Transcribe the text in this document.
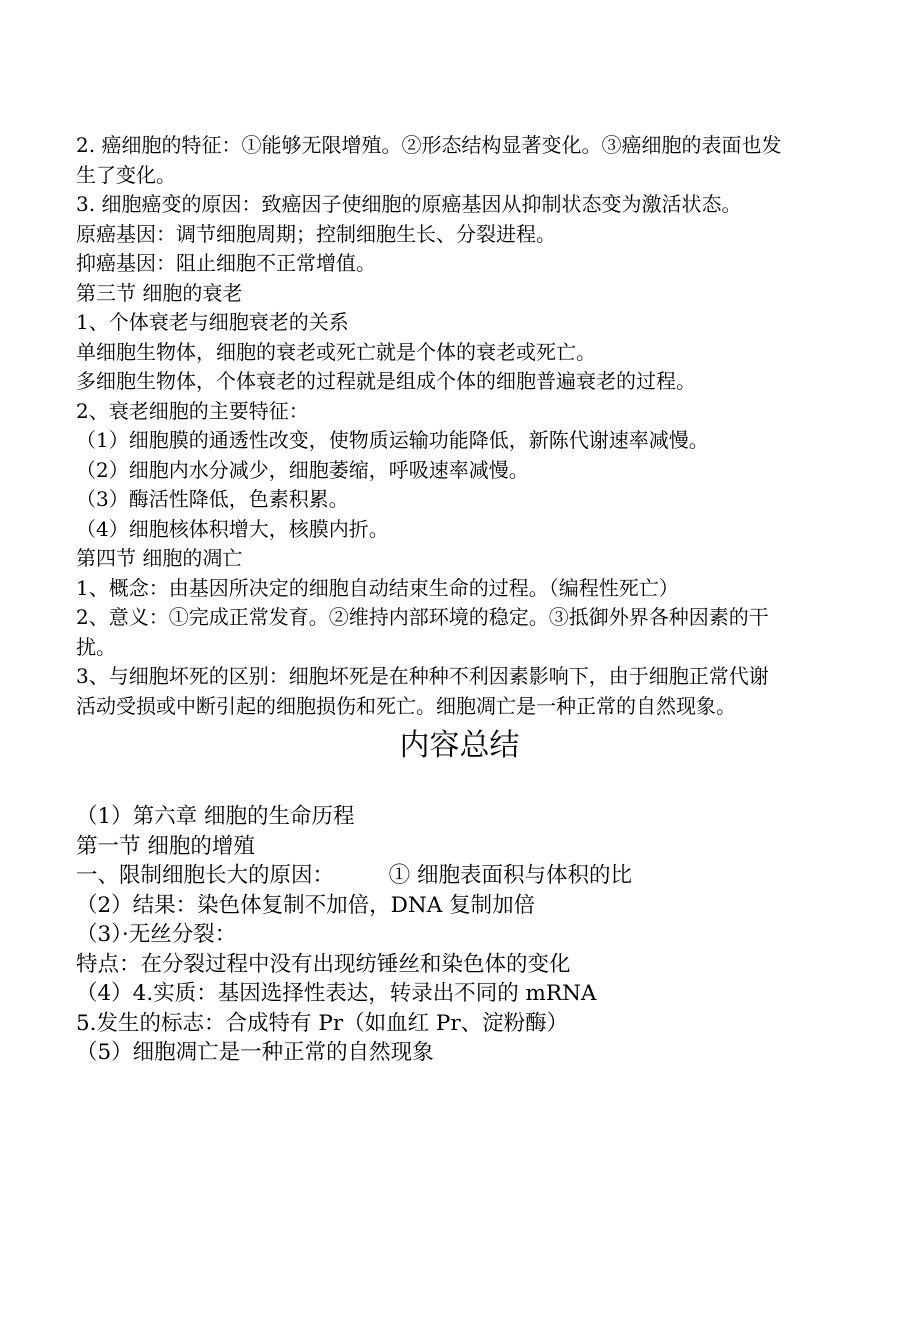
2. 癌细胞的特征：①能够无限增殖。②形态结构显著变化。③癌细胞的表面也发
生了变化。
3. 细胞癌变的原因：致癌因子使细胞的原癌基因从抑制状态变为激活状态。
原癌基因：调节细胞周期；控制细胞生长、分裂进程。
抑癌基因：阻止细胞不正常增值。
第三节 细胞的衰老
1、个体衰老与细胞衰老的关系
单细胞生物体，细胞的衰老或死亡就是个体的衰老或死亡。
多细胞生物体，个体衰老的过程就是组成个体的细胞普遍衰老的过程。
2、衰老细胞的主要特征：
（1）细胞膜的通透性改变，使物质运输功能降低，新陈代谢速率减慢。
（2）细胞内水分减少，细胞萎缩，呼吸速率减慢。
（3）酶活性降低，色素积累。
（4）细胞核体积增大，核膜内折。
第四节 细胞的凋亡
1、概念：由基因所决定的细胞自动结束生命的过程。（编程性死亡）
2、意义：①完成正常发育。②维持内部环境的稳定。③抵御外界各种因素的干
扰。
3、与细胞坏死的区别：细胞坏死是在种种不利因素影响下，由于细胞正常代谢
活动受损或中断引起的细胞损伤和死亡。细胞凋亡是一种正常的自然现象。
内容总结
（1）第六章 细胞的生命历程
第一节 细胞的增殖
一、限制细胞长大的原因：        ① 细胞表面积与体积的比
（2）结果：染色体复制不加倍，DNA 复制加倍
（3）·无丝分裂：
特点：在分裂过程中没有出现纺锤丝和染色体的变化
（4）4.实质：基因选择性表达，转录出不同的 mRNA
5.发生的标志：合成特有 Pr（如血红 Pr、淀粉酶）
（5）细胞凋亡是一种正常的自然现象
